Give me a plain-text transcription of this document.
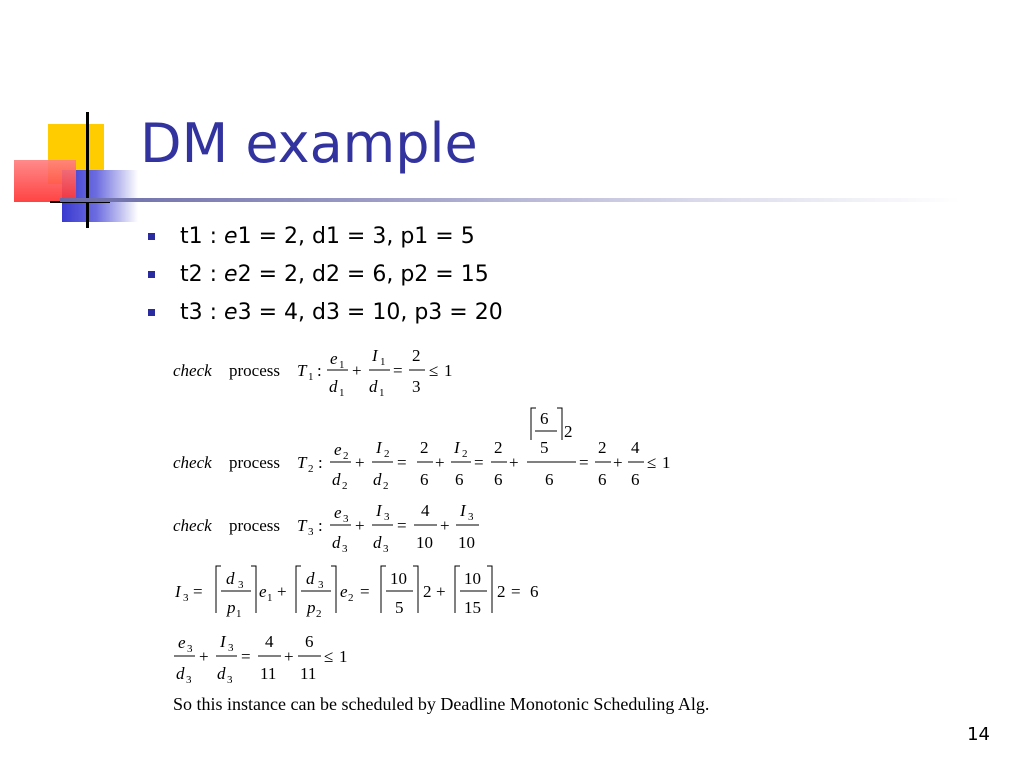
DM example
t1 : e1 = 2, d1 = 3, p1 = 5
t2 : e2 = 2, d2 = 6, p2 = 15
t3 : e3 = 4, d3 = 10, p3 = 20
check process T 1 :
e 1
d 1
+
I 1
d 1
=
2
3
≤ 1
check process T 2 :
e 2
d 2
+
I 2
d 2
=
2
6
+
I 2
6
=
2
6
+
6
5
2
6
=
2
6
+
4
6
≤ 1
check process T 3 :
e 3
d 3
+
I 3
d 3
=
4
10
+
I 3
10
I 3 =
d 3
p 1
e 1 +
d 3
p 2
e 2 =
10
5
2 +
10
15
2 = 6
e 3
d 3
+
I 3
d 3
=
4
11
+
6
11
≤ 1
So this instance can be scheduled by Deadline Monotonic Scheduling Alg.
14
